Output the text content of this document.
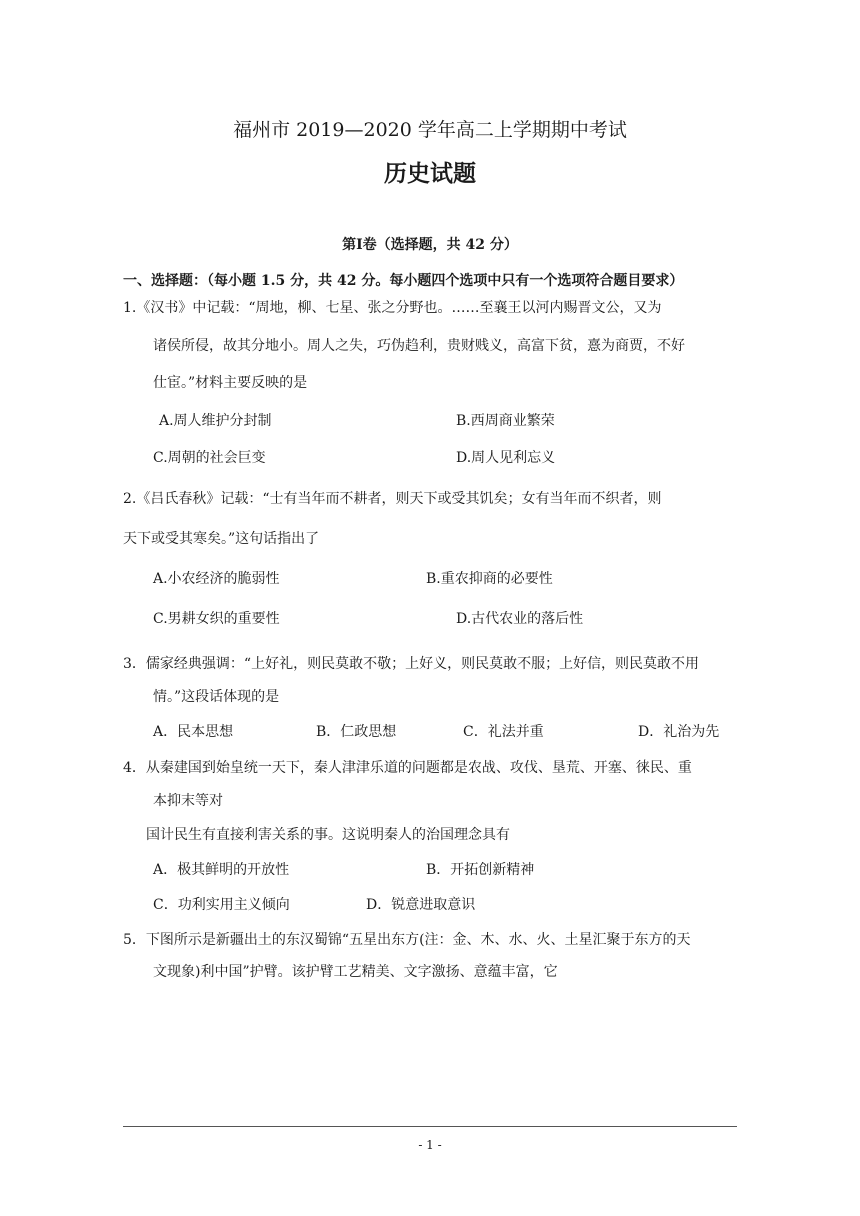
福州市 2019—2020 学年高二上学期期中考试
历史试题
第Ⅰ卷（选择题，共 42 分）
一、选择题：（每小题 1.5 分，共 42 分。每小题四个选项中只有一个选项符合题目要求）
1.《汉书》中记载：“周地，柳、七星、张之分野也。……至襄王以河内赐晋文公，又为
诸侯所侵，故其分地小。周人之失，巧伪趋利，贵财贱义，高富下贫，憙为商贾，不好
仕宦。”材料主要反映的是
A.周人维护分封制	B.西周商业繁荣
C.周朝的社会巨变	D.周人见利忘义
2.《吕氏春秋》记载：“士有当年而不耕者，则天下或受其饥矣；女有当年而不织者，则
天下或受其寒矣。”这句话指出了
A.小农经济的脆弱性	B.重农抑商的必要性
C.男耕女织的重要性	D.古代农业的落后性
3．儒家经典强调：“上好礼，则民莫敢不敬；上好义，则民莫敢不服；上好信，则民莫敢不用
情。”这段话体现的是
A．民本思想	B．仁政思想	C．礼法并重	D．礼治为先
4．从秦建国到始皇统一天下，秦人津津乐道的问题都是农战、攻伐、垦荒、开塞、徕民、重
本抑末等对
国计民生有直接利害关系的事。这说明秦人的治国理念具有
A．极其鲜明的开放性	B．开拓创新精神
C．功利实用主义倾向	D．锐意进取意识
5．下图所示是新疆出土的东汉蜀锦“五星出东方(注：金、木、水、火、土星汇聚于东方的天
文现象)利中国”护臂。该护臂工艺精美、文字激扬、意蕴丰富，它
- 1 -
